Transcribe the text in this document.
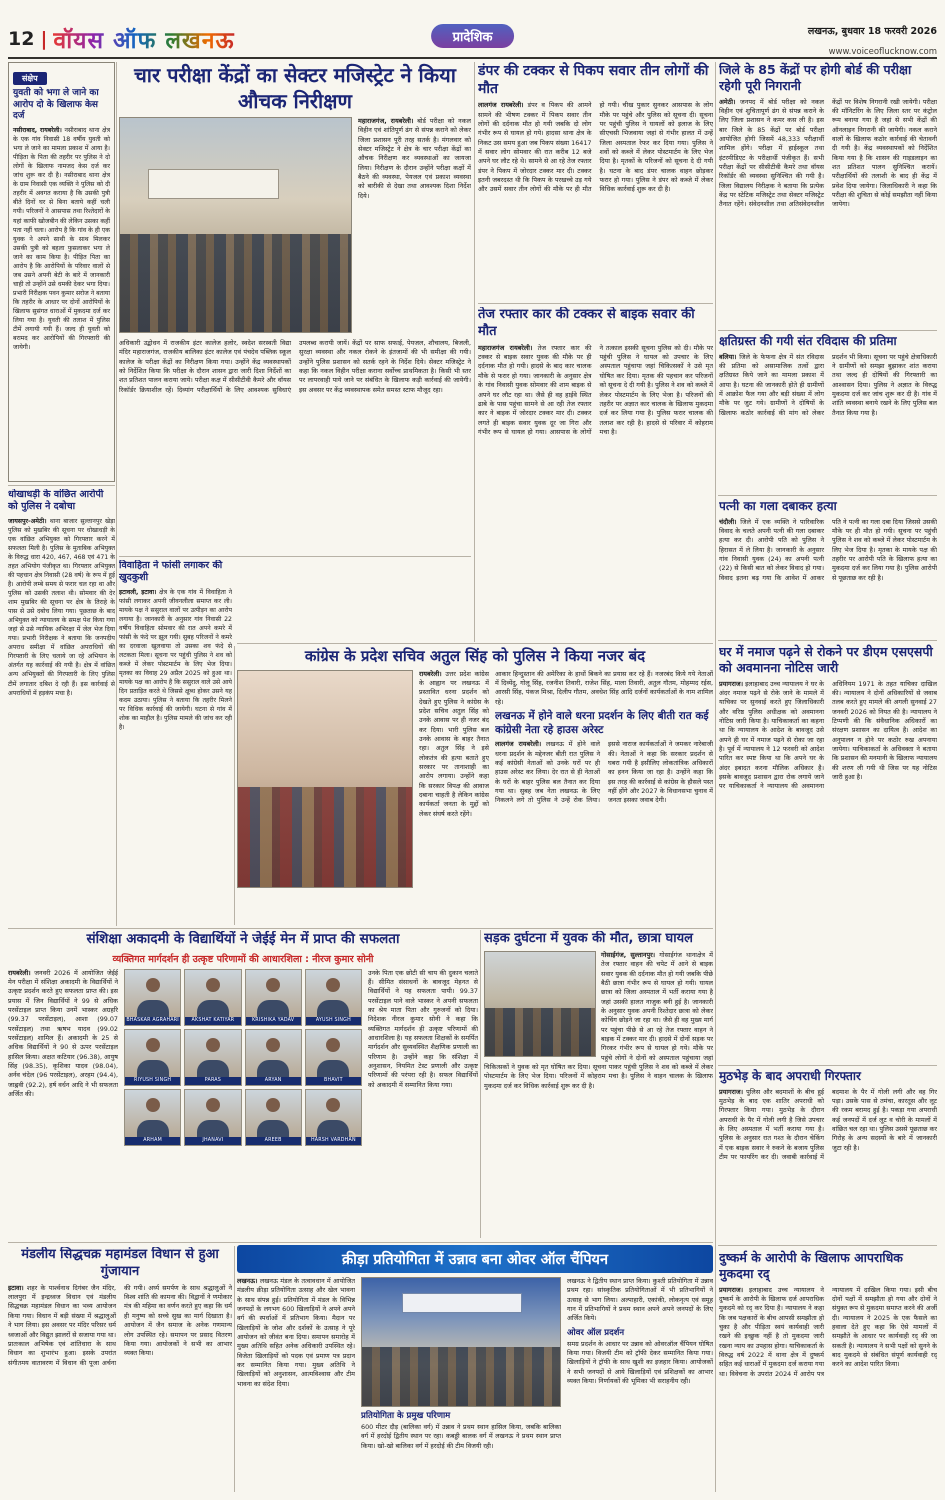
12 | वॉयस ऑफ लखनऊ	प्रादेशिक	लखनऊ, बुधवार 18 फरवरी 2026
www.voiceoflucknow.com
संक्षेप
युवती को भगा ले जाने का आरोप दो के खिलाफ केस दर्ज

नसीराबाद, रायबरेली। नसीराबाद थाना क्षेत्र के एक गांव निवासी 18 वर्षीय युवती को भगा ले जाने का मामला प्रकाश में आया है। पीड़िता के पिता की तहरीर पर पुलिस ने दो लोगों के खिलाफ नामजद केस दर्ज कर जांच शुरू कर दी है। नसीराबाद थाना क्षेत्र के ग्राम निवासी एक व्यक्ति ने पुलिस को दी तहरीर में अवगत कराया है कि उसकी पुत्री बीते दिनों घर से बिना बताये कहीं चली गयी। परिजनों ने आसपास तथा रिश्तेदारों के यहां काफी खोजबीन की लेकिन उसका कहीं पता नहीं चला। आरोप है कि गांव के ही एक युवक ने अपने साथी के साथ मिलकर उसकी पुत्री को बहला फुसलाकर भगा ले जाने का काम किया है। पीड़ित पिता का आरोप है कि आरोपियों के परिवार वालों से जब उसने अपनी बेटी के बारे में जानकारी चाही तो उन्होंने उसे धमकी देकर भगा दिया। प्रभारी निरीक्षक पवन कुमार सरोज ने बताया कि तहरीर के आधार पर दोनों आरोपियों के खिलाफ सुसंगत धाराओं में मुकदमा दर्ज कर लिया गया है। युवती की तलाश में पुलिस टीमें लगायी गयी हैं। जल्द ही युवती को बरामद कर आरोपियों की गिरफ्तारी की जायेगी।

धोखाधड़ी के वांछित आरोपी को पुलिस ने दबोचा

जायसपुर-अमेठी। थाना बाजार सुल्तानपुर खेड़ा पुलिस को मुखबिर की सूचना पर धोखाधड़ी के एक वांछित अभियुक्त को गिरफ्तार करने में सफलता मिली है। पुलिस के मुताबिक अभियुक्त के विरुद्ध धारा 420, 467, 468 एवं 471 के तहत अभियोग पंजीकृत था। गिरफ्तार अभियुक्त की पहचान क्षेत्र निवासी (28 वर्ष) के रूप में हुई है। आरोपी लम्बे समय से फरार चल रहा था और पुलिस को उसकी तलाश थी। सोमवार की देर शाम मुखबिर की सूचना पर क्षेत्र के तिराहे के पास से उसे दबोच लिया गया। पूछताछ के बाद अभियुक्त को न्यायालय के समक्ष पेश किया गया जहां से उसे न्यायिक अभिरक्षा में जेल भेज दिया गया। प्रभारी निरीक्षक ने बताया कि जनपदीय अपराध समीक्षा में वांछित अपराधियों की गिरफ्तारी के लिए चलाये जा रहे अभियान के अंतर्गत यह कार्रवाई की गयी है। क्षेत्र में वांछित अन्य अभियुक्तों की गिरफ्तारी के लिए पुलिस टीमें लगातार दबिश दे रही हैं। इस कार्रवाई से अपराधियों में हड़कंप मचा है।

चार परीक्षा केंद्रों का सेक्टर मजिस्ट्रेट ने किया औचक निरीक्षण

महाराजगंज, रायबरेली। बोर्ड परीक्षा को नकल विहीन एवं शांतिपूर्ण ढंग से संपन्न कराने को लेकर जिला प्रशासन पूरी तरह सतर्क है। मंगलवार को सेक्टर मजिस्ट्रेट ने क्षेत्र के चार परीक्षा केंद्रों का औचक निरीक्षण कर व्यवस्थाओं का जायजा लिया। निरीक्षण के दौरान उन्होंने परीक्षा कक्षों में बैठने की व्यवस्था, पेयजल एवं प्रकाश व्यवस्था को बारीकी से देखा तथा आवश्यक दिशा निर्देश दिये।

अधिकारी उद्बोधन में राजकीय इंटर कालेज हलोर, स्वदेश सरस्वती विद्या मंदिर महाराजगंज, राजकीय बालिका इंटर कालेज एवं पंचदेव पब्लिक स्कूल कालेज के परीक्षा केंद्रों का निरीक्षण किया गया। उन्होंने केंद्र व्यवस्थापकों को निर्देशित किया कि परीक्षा के दौरान शासन द्वारा जारी दिशा निर्देशों का शत प्रतिशत पालन कराया जाये। परीक्षा कक्ष में सीसीटीवी कैमरे और वॉयस रिकॉर्डर क्रियाशील रहें। दिव्यांग परीक्षार्थियों के लिए आवश्यक सुविधाएं उपलब्ध करायी जायें। केंद्रों पर साफ सफाई, पेयजल, शौचालय, बिजली, सुरक्षा व्यवस्था और नकल रोकने के इंतजामों की भी समीक्षा की गयी। उन्होंने पुलिस प्रशासन को सतर्क रहने के निर्देश दिये। सेक्टर मजिस्ट्रेट ने कहा कि नकल विहीन परीक्षा कराना सर्वोच्च प्राथमिकता है। किसी भी स्तर पर लापरवाही पाये जाने पर संबंधित के खिलाफ कड़ी कार्रवाई की जायेगी। इस अवसर पर केंद्र व्यवस्थापक समेत समस्त स्टाफ मौजूद रहा।

विवाहिता ने फांसी लगाकर की खुदकुशी

इटावली, इटावा। क्षेत्र के एक गांव में विवाहिता ने फांसी लगाकर अपनी जीवनलीला समाप्त कर ली। मायके पक्ष ने ससुराल वालों पर उत्पीड़न का आरोप लगाया है। जानकारी के अनुसार गांव निवासी 22 वर्षीय विवाहिता सोमवार की रात अपने कमरे में फांसी के फंदे पर झूल गयी। सुबह परिजनों ने कमरे का दरवाजा खुलवाया तो उसका शव फंदे से लटकता मिला। सूचना पर पहुंची पुलिस ने शव को कब्जे में लेकर पोस्टमार्टम के लिए भेज दिया। मृतका का विवाह 29 अप्रैल 2025 को हुआ था। मायके पक्ष का आरोप है कि ससुराल वाले उसे आये दिन प्रताड़ित करते थे जिससे क्षुब्ध होकर उसने यह कदम उठाया। पुलिस ने बताया कि तहरीर मिलने पर विधिक कार्रवाई की जायेगी। घटना से गांव में शोक का माहौल है। पुलिस मामले की जांच कर रही है।

डंपर की टक्कर से पिकप सवार तीन लोगों की मौत

लालगंज रायबरेली। डंपर व पिकप की आमने सामने की भीषण टक्कर में पिकप सवार तीन लोगों की दर्दनाक मौत हो गयी जबकि दो लोग गंभीर रूप से घायल हो गये। हादसा थाना क्षेत्र के निकट उस समय हुआ जब पिकप संख्या 16417 में सवार लोग सोमवार की रात करीब 12 बजे अपने घर लौट रहे थे। सामने से आ रहे तेज रफ्तार डंपर ने पिकप में जोरदार टक्कर मार दी। टक्कर इतनी जबरदस्त थी कि पिकप के परखच्चे उड़ गये और उसमें सवार तीन लोगों की मौके पर ही मौत हो गयी। चीख पुकार सुनकर आसपास के लोग मौके पर पहुंचे और पुलिस को सूचना दी। सूचना पर पहुंची पुलिस ने घायलों को इलाज के लिए सीएचसी भिजवाया जहां से गंभीर हालत में उन्हें जिला अस्पताल रेफर कर दिया गया। पुलिस ने शवों को कब्जे में लेकर पोस्टमार्टम के लिए भेज दिया है। मृतकों के परिजनों को सूचना दे दी गयी है। घटना के बाद डंपर चालक वाहन छोड़कर फरार हो गया। पुलिस ने डंपर को कब्जे में लेकर विधिक कार्रवाई शुरू कर दी है।

तेज रफ्तार कार की टक्कर से बाइक सवार की मौत

महाराजगंज रायबरेली। तेज रफ्तार कार की टक्कर से बाइक सवार युवक की मौके पर ही दर्दनाक मौत हो गयी। हादसे के बाद कार चालक मौके से फरार हो गया। जानकारी के अनुसार क्षेत्र के गांव निवासी युवक सोमवार की शाम बाइक से अपने घर लौट रहा था। जैसे ही वह हाईवे स्थित ढाबे के पास पहुंचा सामने से आ रही तेज रफ्तार कार ने बाइक में जोरदार टक्कर मार दी। टक्कर लगते ही बाइक सवार युवक दूर जा गिरा और गंभीर रूप से घायल हो गया। आसपास के लोगों ने तत्काल इसकी सूचना पुलिस को दी। मौके पर पहुंची पुलिस ने घायल को उपचार के लिए अस्पताल पहुंचाया जहां चिकित्सकों ने उसे मृत घोषित कर दिया। मृतक की पहचान कर परिजनों को सूचना दे दी गयी है। पुलिस ने शव को कब्जे में लेकर पोस्टमार्टम के लिए भेजा है। परिजनों की तहरीर पर अज्ञात कार चालक के खिलाफ मुकदमा दर्ज कर लिया गया है। पुलिस फरार चालक की तलाश कर रही है। हादसे से परिवार में कोहराम मचा है।

जिले के 85 केंद्रों पर होगी बोर्ड की परीक्षा रहेगी पूरी निगरानी

अमेठी। जनपद में बोर्ड परीक्षा को नकल विहीन एवं शुचितापूर्ण ढंग से संपन्न कराने के लिए जिला प्रशासन ने कमर कस ली है। इस बार जिले के 85 केंद्रों पर बोर्ड परीक्षा आयोजित होगी जिसमें 48,333 परीक्षार्थी शामिल होंगे। परीक्षा में हाईस्कूल तथा इंटरमीडिएट के परीक्षार्थी पंजीकृत हैं। सभी परीक्षा केंद्रों पर सीसीटीवी कैमरे तथा वॉयस रिकॉर्डर की व्यवस्था सुनिश्चित की गयी है। जिला विद्यालय निरीक्षक ने बताया कि प्रत्येक केंद्र पर स्टेटिक मजिस्ट्रेट तथा सेक्टर मजिस्ट्रेट तैनात रहेंगे। संवेदनशील तथा अतिसंवेदनशील केंद्रों पर विशेष निगरानी रखी जायेगी। परीक्षा की मॉनिटरिंग के लिए जिला स्तर पर कंट्रोल रूम बनाया गया है जहां से सभी केंद्रों की ऑनलाइन निगरानी की जायेगी। नकल कराने वालों के खिलाफ कठोर कार्रवाई की चेतावनी दी गयी है। केंद्र व्यवस्थापकों को निर्देशित किया गया है कि शासन की गाइडलाइन का शत प्रतिशत पालन सुनिश्चित करायें। परीक्षार्थियों की तलाशी के बाद ही केंद्र में प्रवेश दिया जायेगा। जिलाधिकारी ने कहा कि परीक्षा की शुचिता से कोई समझौता नहीं किया जायेगा।

क्षतिग्रस्त की गयी संत रविदास की प्रतिमा

बलिया। जिले के फेफना क्षेत्र में संत रविदास की प्रतिमा को असामाजिक तत्वों द्वारा क्षतिग्रस्त किये जाने का मामला प्रकाश में आया है। घटना की जानकारी होते ही ग्रामीणों में आक्रोश फैल गया और बड़ी संख्या में लोग मौके पर जुट गये। ग्रामीणों ने दोषियों के खिलाफ कठोर कार्रवाई की मांग को लेकर प्रदर्शन भी किया। सूचना पर पहुंचे क्षेत्राधिकारी ने ग्रामीणों को समझा बुझाकर शांत कराया तथा जल्द ही दोषियों की गिरफ्तारी का आश्वासन दिया। पुलिस ने अज्ञात के विरुद्ध मुकदमा दर्ज कर जांच शुरू कर दी है। गांव में शांति व्यवस्था बनाये रखने के लिए पुलिस बल तैनात किया गया है।

पत्नी का गला दबाकर हत्या

चंदौली। जिले में एक व्यक्ति ने पारिवारिक विवाद के चलते अपनी पत्नी की गला दबाकर हत्या कर दी। आरोपी पति को पुलिस ने हिरासत में ले लिया है। जानकारी के अनुसार गांव निवासी युवक (24) का अपनी पत्नी (22) से किसी बात को लेकर विवाद हो गया। विवाद इतना बढ़ गया कि आवेश में आकर पति ने पत्नी का गला दबा दिया जिससे उसकी मौके पर ही मौत हो गयी। सूचना पर पहुंची पुलिस ने शव को कब्जे में लेकर पोस्टमार्टम के लिए भेज दिया है। मृतका के मायके पक्ष की तहरीर पर आरोपी पति के खिलाफ हत्या का मुकदमा दर्ज कर लिया गया है। पुलिस आरोपी से पूछताछ कर रही है।

कांग्रेस के प्रदेश सचिव अतुल सिंह को पुलिस ने किया नजर बंद

रायबरेली। उत्तर प्रदेश कांग्रेस के आह्वान पर लखनऊ में प्रस्तावित धरना प्रदर्शन को देखते हुए पुलिस ने कांग्रेस के प्रदेश सचिव अतुल सिंह को उनके आवास पर ही नजर बंद कर दिया। भारी पुलिस बल उनके आवास के बाहर तैनात रहा। अतुल सिंह ने इसे लोकतंत्र की हत्या बताते हुए सरकार पर तानाशाही का आरोप लगाया। उन्होंने कहा कि सरकार विपक्ष की आवाज दबाना चाहती है लेकिन कांग्रेस कार्यकर्ता जनता के मुद्दों को लेकर संघर्ष करते रहेंगे।

आकार हिन्दुस्तान की अमेरिका के हाथों बिकने का प्रयास कर रहे हैं। नजरबंद किये गये नेताओं में दिव्येंदु, गोलू सिंह, रजनीश तिवारी, राजेश सिंह, माला तिवारी, अतुल गौतम, मोहम्मद रईस, आरसी सिंह, पंकज मिश्रा, दिलीप गौतम, अवधेश सिंह आदि दर्जनों कार्यकर्ताओं के नाम शामिल रहे।

लखनऊ में होने वाले धरना प्रदर्शन के लिए बीती रात कई कांग्रेसी नेता रहे हाउस अरेस्ट

लालगंज रायबरेली। लखनऊ में होने वाले धरना प्रदर्शन के मद्देनजर बीती रात पुलिस ने कई कांग्रेसी नेताओं को उनके घरों पर ही हाउस अरेस्ट कर लिया। देर रात से ही नेताओं के घरों के बाहर पुलिस बल तैनात कर दिया गया था। सुबह जब नेता लखनऊ के लिए निकलने लगे तो पुलिस ने उन्हें रोक लिया। इससे नाराज कार्यकर्ताओं ने जमकर नारेबाजी की। नेताओं ने कहा कि सरकार प्रदर्शन से घबरा गयी है इसीलिए लोकतांत्रिक अधिकारों का हनन किया जा रहा है। उन्होंने कहा कि इस तरह की कार्रवाई से कांग्रेस के हौसले पस्त नहीं होंगे और 2027 के विधानसभा चुनाव में जनता इसका जवाब देगी।

घर में नमाज पढ़ने से रोकने पर डीएम एसएसपी को अवमानना नोटिस जारी

प्रयागराज। इलाहाबाद उच्च न्यायालय ने घर के अंदर नमाज पढ़ने से रोके जाने के मामले में याचिका पर सुनवाई करते हुए जिलाधिकारी और वरिष्ठ पुलिस अधीक्षक को अवमानना नोटिस जारी किया है। याचिकाकर्ता का कहना था कि न्यायालय के आदेश के बावजूद उसे अपने ही घर में नमाज पढ़ने से रोका जा रहा है। पूर्व में न्यायालय ने 12 फरवरी को आदेश पारित कर स्पष्ट किया था कि अपने घर के अंदर इबादत करना मौलिक अधिकार है। इसके बावजूद प्रशासन द्वारा रोक लगाये जाने पर याचिकाकर्ता ने न्यायालय की अवमानना अधिनियम 1971 के तहत याचिका दाखिल की। न्यायालय ने दोनों अधिकारियों से जवाब तलब करते हुए मामले की अगली सुनवाई 27 जनवरी 2026 को नियत की है। न्यायालय ने टिप्पणी की कि संवैधानिक अधिकारों का संरक्षण प्रशासन का दायित्व है। आदेश का अनुपालन न होने पर कठोर रुख अपनाया जायेगा। याचिकाकर्ता के अधिवक्ता ने बताया कि प्रशासन की मनमानी के खिलाफ न्यायालय की शरण ली गयी थी जिस पर यह नोटिस जारी हुआ है।

संशिक्षा अकादमी के विद्यार्थियों ने जेईई मेन में प्राप्त की सफलता
व्यक्तिगत मार्गदर्शन ही उत्कृष्ट परिणामों की आधारशिला : नीरज कुमार सोनी

रायबरेली। जनवरी 2026 में आयोजित जेईई मेन परीक्षा में संशिक्षा अकादमी के विद्यार्थियों ने उत्कृष्ट प्रदर्शन करते हुए सफलता प्राप्त की। इस प्रयास में जिन विद्यार्थियों ने 99 से अधिक परसेंटाइल प्राप्त किया उनमें भास्कर अग्रहरि (99.37 परसेंटाइल), आशा (99.07 परसेंटाइल) तथा ऋषभ यादव (99.02 परसेंटाइल) शामिल हैं। अकादमी के 25 से अधिक विद्यार्थियों ने 90 से ऊपर परसेंटाइल हासिल किया। अक्षत कटियार (96.38), आयुष सिंह (98.35), कृशिका यादव (98.04), अर्नव चंदेल (96 परसेंटाइल), अरहम (94.4), जाह्नवी (92.2), हर्ष वर्धन आदि ने भी सफलता अर्जित की।

BHASKAR AGRAHARI	AKSHAT KATIYAR	KRISHIKA YADAV	AYUSH SINGH
RIYUSH SINGH	PARAS	ARYAN	BHAVIT
ARHAM	JHANAVI	AREEB	HARSH VARDHAN

उनके पिता एक छोटी सी चाय की दुकान चलाते हैं। सीमित संसाधनों के बावजूद मेहनत से विद्यार्थियों ने यह सफलता पायी। 99.37 परसेंटाइल पाने वाले भास्कर ने अपनी सफलता का श्रेय माता पिता और गुरुजनों को दिया। निदेशक नीरज कुमार सोनी ने कहा कि व्यक्तिगत मार्गदर्शन ही उत्कृष्ट परिणामों की आधारशिला है। यह सफलता शिक्षकों के समर्पित मार्गदर्शन और सुव्यवस्थित शैक्षणिक प्रणाली का परिणाम है। उन्होंने कहा कि संशिक्षा में अनुशासन, नियमित टेस्ट प्रणाली और उत्कृष्ट परिणामों की परंपरा रही है। सफल विद्यार्थियों को अकादमी में सम्मानित किया गया।

सड़क दुर्घटना में युवक की मौत, छात्रा घायल

गोसाईगंज, सुल्तानपुर। गोसाईगंज थानाक्षेत्र में तेज रफ्तार वाहन की चपेट में आने से बाइक सवार युवक की दर्दनाक मौत हो गयी जबकि पीछे बैठी छात्रा गंभीर रूप से घायल हो गयी। घायल छात्रा को जिला अस्पताल में भर्ती कराया गया है जहां उसकी हालत नाजुक बनी हुई है। जानकारी के अनुसार युवक अपनी रिश्तेदार छात्रा को लेकर कोचिंग छोड़ने जा रहा था। जैसे ही वह मुख्य मार्ग पर पहुंचा पीछे से आ रहे तेज रफ्तार वाहन ने बाइक में टक्कर मार दी। हादसे में दोनों सड़क पर गिरकर गंभीर रूप से घायल हो गये। मौके पर पहुंचे लोगों ने दोनों को अस्पताल पहुंचाया जहां चिकित्सकों ने युवक को मृत घोषित कर दिया। सूचना पाकर पहुंची पुलिस ने शव को कब्जे में लेकर पोस्टमार्टम के लिए भेज दिया। परिजनों में कोहराम मचा है। पुलिस ने वाहन चालक के खिलाफ मुकदमा दर्ज कर विधिक कार्रवाई शुरू कर दी है।

मुठभेड़ के बाद अपराधी गिरफ्तार

प्रयागराज। पुलिस और बदमाशों के बीच हुई मुठभेड़ के बाद एक शातिर अपराधी को गिरफ्तार किया गया। मुठभेड़ के दौरान अपराधी के पैर में गोली लगी है जिसे उपचार के लिए अस्पताल में भर्ती कराया गया है। पुलिस के अनुसार रात गश्त के दौरान चेकिंग में एक बाइक सवार ने रुकने के बजाय पुलिस टीम पर फायरिंग कर दी। जवाबी कार्रवाई में बदमाश के पैर में गोली लगी और वह गिर पड़ा। उसके पास से तमंचा, कारतूस और लूट की रकम बरामद हुई है। पकड़ा गया अपराधी कई जनपदों में दर्ज लूट व चोरी के मामलों में वांछित चल रहा था। पुलिस उससे पूछताछ कर गिरोह के अन्य सदस्यों के बारे में जानकारी जुटा रही है।

मंडलीय सिद्धचक्र महामंडल विधान से हुआ गुंजायान

इटावा। शहर के पार्श्वनाथ दिगंबर जैन मंदिर, लालपुरा में इन्द्रध्वज विधान एवं मंडलीय सिद्धचक्र महामंडल विधान का भव्य आयोजन किया गया। विधान में बड़ी संख्या में श्रद्धालुओं ने भाग लिया। इस अवसर पर मंदिर परिसर धर्म ध्वजाओं और विद्युत झालरों से सजाया गया था। प्रातःकाल अभिषेक एवं शांतिधारा के साथ विधान का शुभारंभ हुआ। इसके उपरांत संगीतमय वातावरण में विधान की पूजा अर्चना की गयी। अर्घ्य समर्पण के साथ श्रद्धालुओं ने विश्व शांति की कामना की। विद्वानों ने णमोकार मंत्र की महिमा का वर्णन करते हुए कहा कि धर्म ही मनुष्य को सच्चे सुख का मार्ग दिखाता है। आयोजन में जैन समाज के अनेक गणमान्य लोग उपस्थित रहे। समापन पर प्रसाद वितरण किया गया। आयोजकों ने सभी का आभार व्यक्त किया।

क्रीड़ा प्रतियोगिता में उन्नाव बना ओवर ऑल चैंपियन

लखनऊ। लखनऊ मंडल के तत्वावधान में आयोजित मंडलीय क्रीड़ा प्रतियोगिता उत्साह और खेल भावना के साथ संपन्न हुई। प्रतियोगिता में मंडल के विभिन्न जनपदों के लगभग 600 खिलाड़ियों ने अपने अपने वर्ग की स्पर्धाओं में प्रतिभाग किया। मैदान पर खिलाड़ियों के जोश और दर्शकों के उत्साह ने पूरे आयोजन को जीवंत बना दिया। समापन समारोह में मुख्य अतिथि सहित अनेक अधिकारी उपस्थित रहे। विजेता खिलाड़ियों को पदक एवं प्रमाण पत्र प्रदान कर सम्मानित किया गया। मुख्य अतिथि ने खिलाड़ियों को अनुशासन, आत्मविश्वास और टीम भावना का संदेश दिया।

प्रतियोगिता के प्रमुख परिणाम

600 मीटर दौड़ (बालिका वर्ग) में उन्नाव ने प्रथम स्थान हासिल किया, जबकि बालिका वर्ग में हरदोई द्वितीय स्थान पर रहा। कबड्डी बालक वर्ग में लखनऊ ने प्रथम स्थान प्राप्त किया। खो-खो बालिका वर्ग में हरदोई की टीम विजयी रही।

लखनऊ ने द्वितीय स्थान प्राप्त किया। कुश्ती प्रतियोगिता में उन्नाव प्रथम रहा। सांस्कृतिक प्रतियोगिताओं में भी प्रतिभागियों ने उत्साह से भाग लिया। अल्पाहारी, एकांकी, लोकनृत्य एवं समूह गान में प्रतिभागियों ने प्रथम स्थान अपने अपने जनपदों के लिए अर्जित किये।

ओवर ऑल प्रदर्शन

समग्र प्रदर्शन के आधार पर उन्नाव को ओवरऑल चैंपियन घोषित किया गया। विजयी टीम को ट्रॉफी देकर सम्मानित किया गया। खिलाड़ियों ने ट्रॉफी के साथ खुशी का इजहार किया। आयोजकों ने सभी जनपदों से आये खिलाड़ियों एवं प्रशिक्षकों का आभार व्यक्त किया। निर्णायकों की भूमिका भी सराहनीय रही।

दुष्कर्म के आरोपी के खिलाफ आपराधिक मुकदमा रद्

प्रयागराज। इलाहाबाद उच्च न्यायालय ने दुष्कर्म के आरोपी के खिलाफ दर्ज आपराधिक मुकदमे को रद् कर दिया है। न्यायालय ने कहा कि जब पक्षकारों के बीच आपसी समझौता हो चुका है और पीड़िता स्वयं कार्यवाही जारी रखने की इच्छुक नहीं है तो मुकदमा जारी रखना न्याय का उपहास होगा। याचिकाकर्ता के विरुद्ध वर्ष 2022 में थाना क्षेत्र में दुष्कर्म सहित कई धाराओं में मुकदमा दर्ज कराया गया था। विवेचना के उपरांत 2024 में आरोप पत्र न्यायालय में दाखिल किया गया। इसी बीच दोनों पक्षों में समझौता हो गया और दोनों ने संयुक्त रूप से मुकदमा समाप्त करने की अर्जी दी। न्यायालय ने 2025 के एक फैसले का हवाला देते हुए कहा कि ऐसे मामलों में समझौते के आधार पर कार्यवाही रद् की जा सकती है। न्यायालय ने सभी पक्षों को सुनने के बाद मुकदमे से संबंधित संपूर्ण कार्यवाही रद् करने का आदेश पारित किया।
